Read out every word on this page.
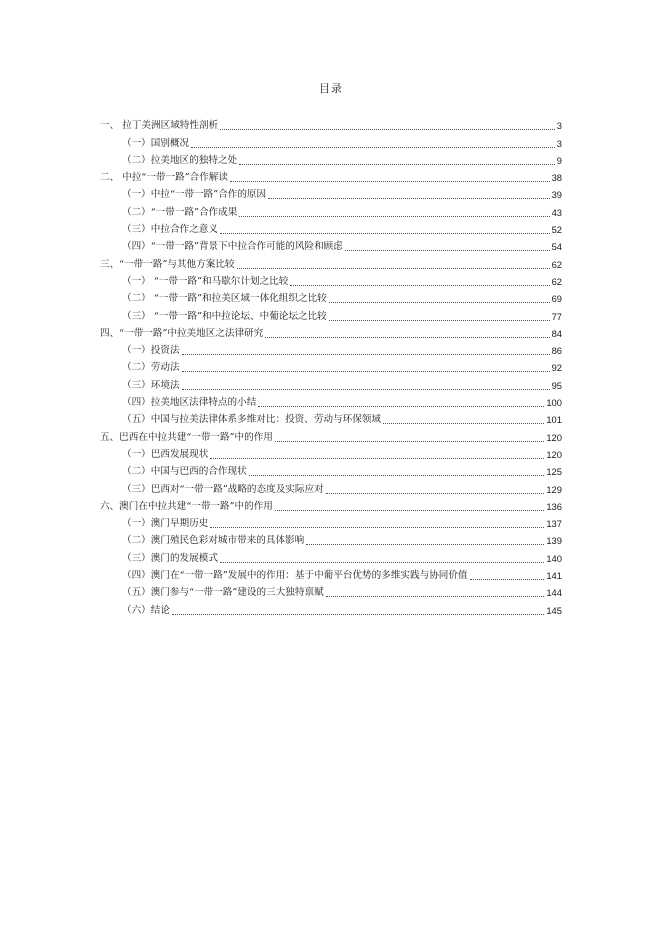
目录
一、 拉丁美洲区域特性剖析	3
（一）国别概况	3
（二）拉美地区的独特之处	9
二、 中拉“一带一路”合作解读	38
（一）中拉“一带一路”合作的原因	39
（二）“一带一路”合作成果	43
（三）中拉合作之意义	52
（四）“一带一路”背景下中拉合作可能的风险和顾虑	54
三、“一带一路”与其他方案比较	62
（一） “一带一路”和马歇尔计划之比较	62
（二） “一带一路”和拉美区域一体化组织之比较	69
（三） “一带一路”和中拉论坛、中葡论坛之比较	77
四、“一带一路”中拉美地区之法律研究	84
（一）投资法	86
（二）劳动法	92
（三）环境法	95
（四）拉美地区法律特点的小结	100
（五）中国与拉美法律体系多维对比：投资、劳动与环保领域	101
五、巴西在中拉共建“一带一路”中的作用	120
（一）巴西发展现状	120
（二）中国与巴西的合作现状	125
（三）巴西对“一带一路”战略的态度及实际应对	129
六、澳门在中拉共建“一带一路”中的作用	136
（一）澳门早期历史	137
（二）澳门殖民色彩对城市带来的具体影响	139
（三）澳门的发展模式	140
（四）澳门在“一带一路”发展中的作用：基于中葡平台优势的多维实践与协同价值	141
（五）澳门参与“一带一路”建设的三大独特禀赋	144
（六）结论	145
